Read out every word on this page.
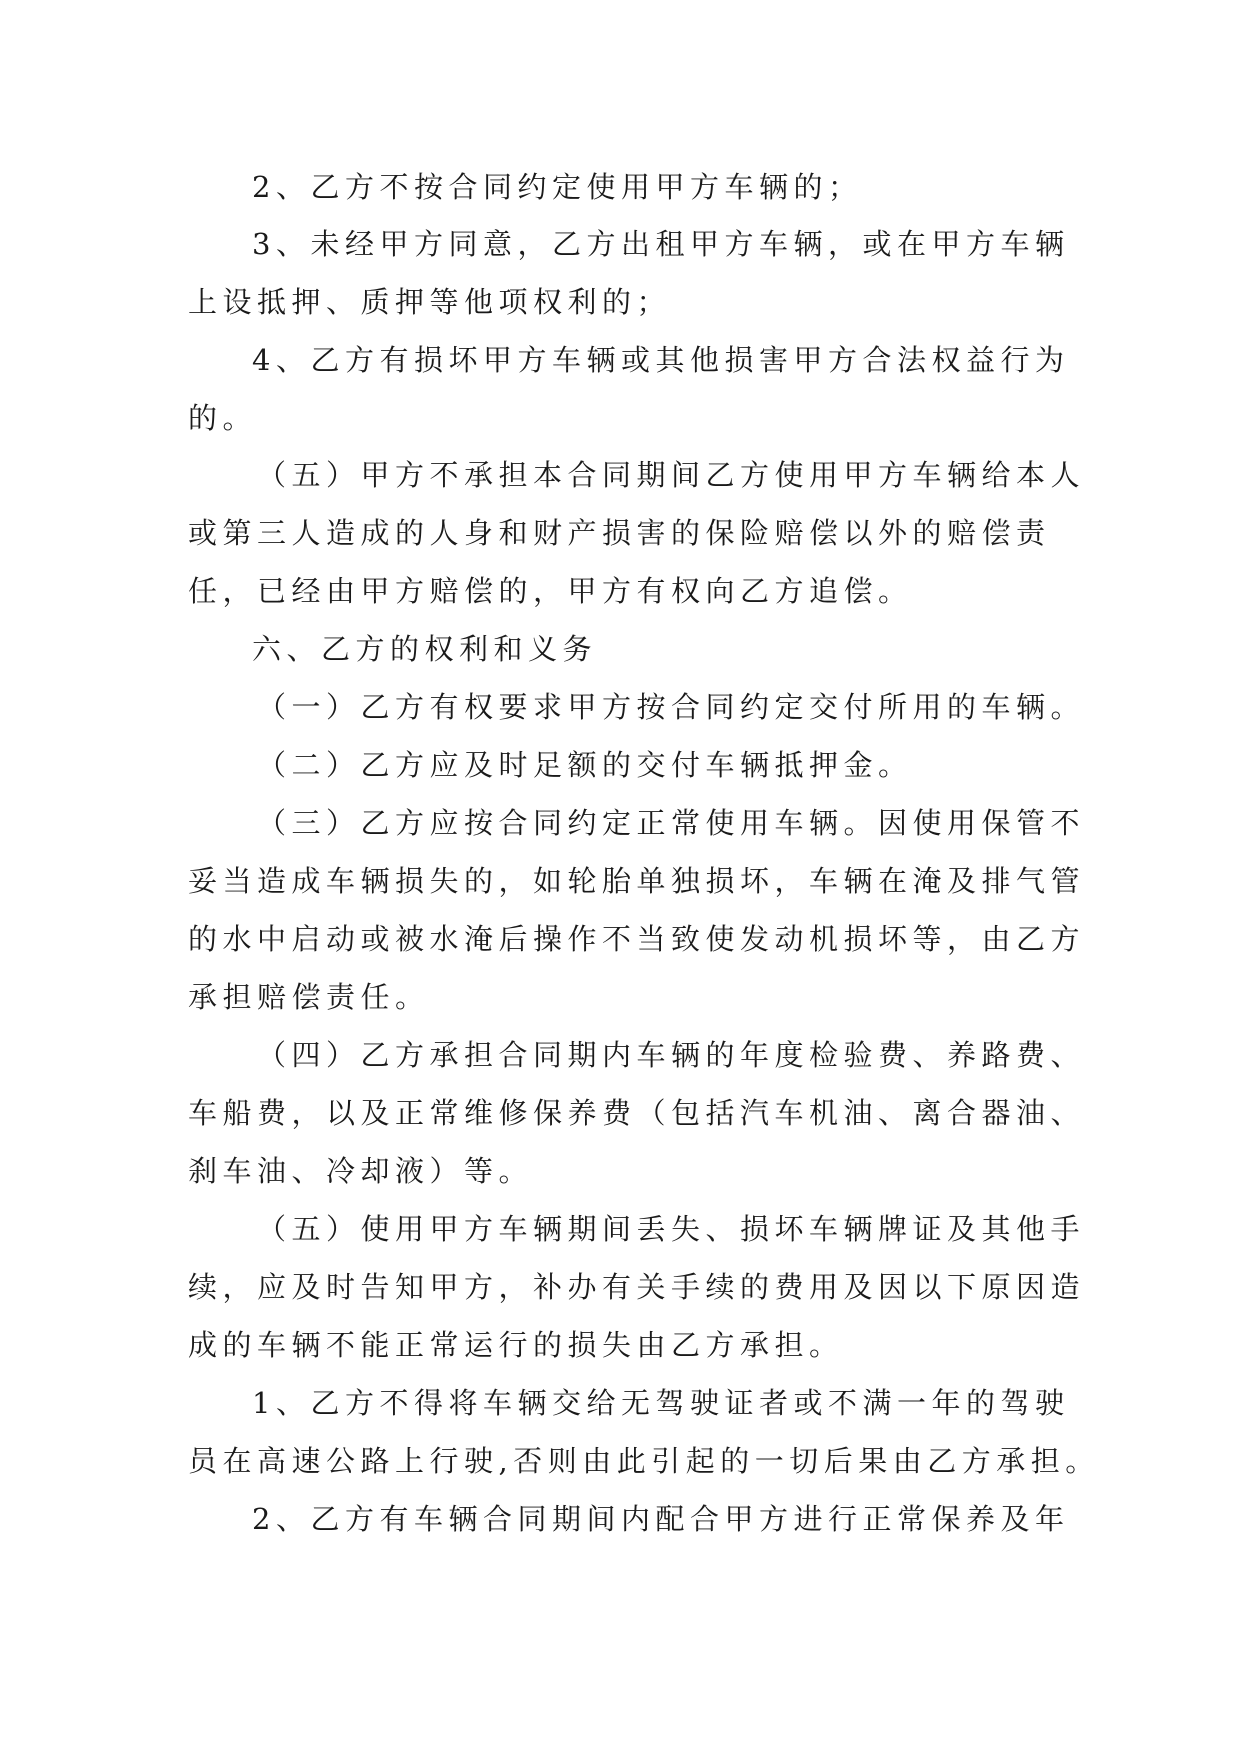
2、乙方不按合同约定使用甲方车辆的；
3、未经甲方同意，乙方出租甲方车辆，或在甲方车辆
上设抵押、质押等他项权利的；
4、乙方有损坏甲方车辆或其他损害甲方合法权益行为
的。
（五）甲方不承担本合同期间乙方使用甲方车辆给本人
或第三人造成的人身和财产损害的保险赔偿以外的赔偿责
任，已经由甲方赔偿的，甲方有权向乙方追偿。
六、乙方的权利和义务
（一）乙方有权要求甲方按合同约定交付所用的车辆。
（二）乙方应及时足额的交付车辆抵押金。
（三）乙方应按合同约定正常使用车辆。因使用保管不
妥当造成车辆损失的，如轮胎单独损坏，车辆在淹及排气管
的水中启动或被水淹后操作不当致使发动机损坏等，由乙方
承担赔偿责任。
（四）乙方承担合同期内车辆的年度检验费、养路费、
车船费，以及正常维修保养费（包括汽车机油、离合器油、
刹车油、冷却液）等。
（五）使用甲方车辆期间丢失、损坏车辆牌证及其他手
续，应及时告知甲方，补办有关手续的费用及因以下原因造
成的车辆不能正常运行的损失由乙方承担。
1、乙方不得将车辆交给无驾驶证者或不满一年的驾驶
员在高速公路上行驶,否则由此引起的一切后果由乙方承担。
2、乙方有车辆合同期间内配合甲方进行正常保养及年
